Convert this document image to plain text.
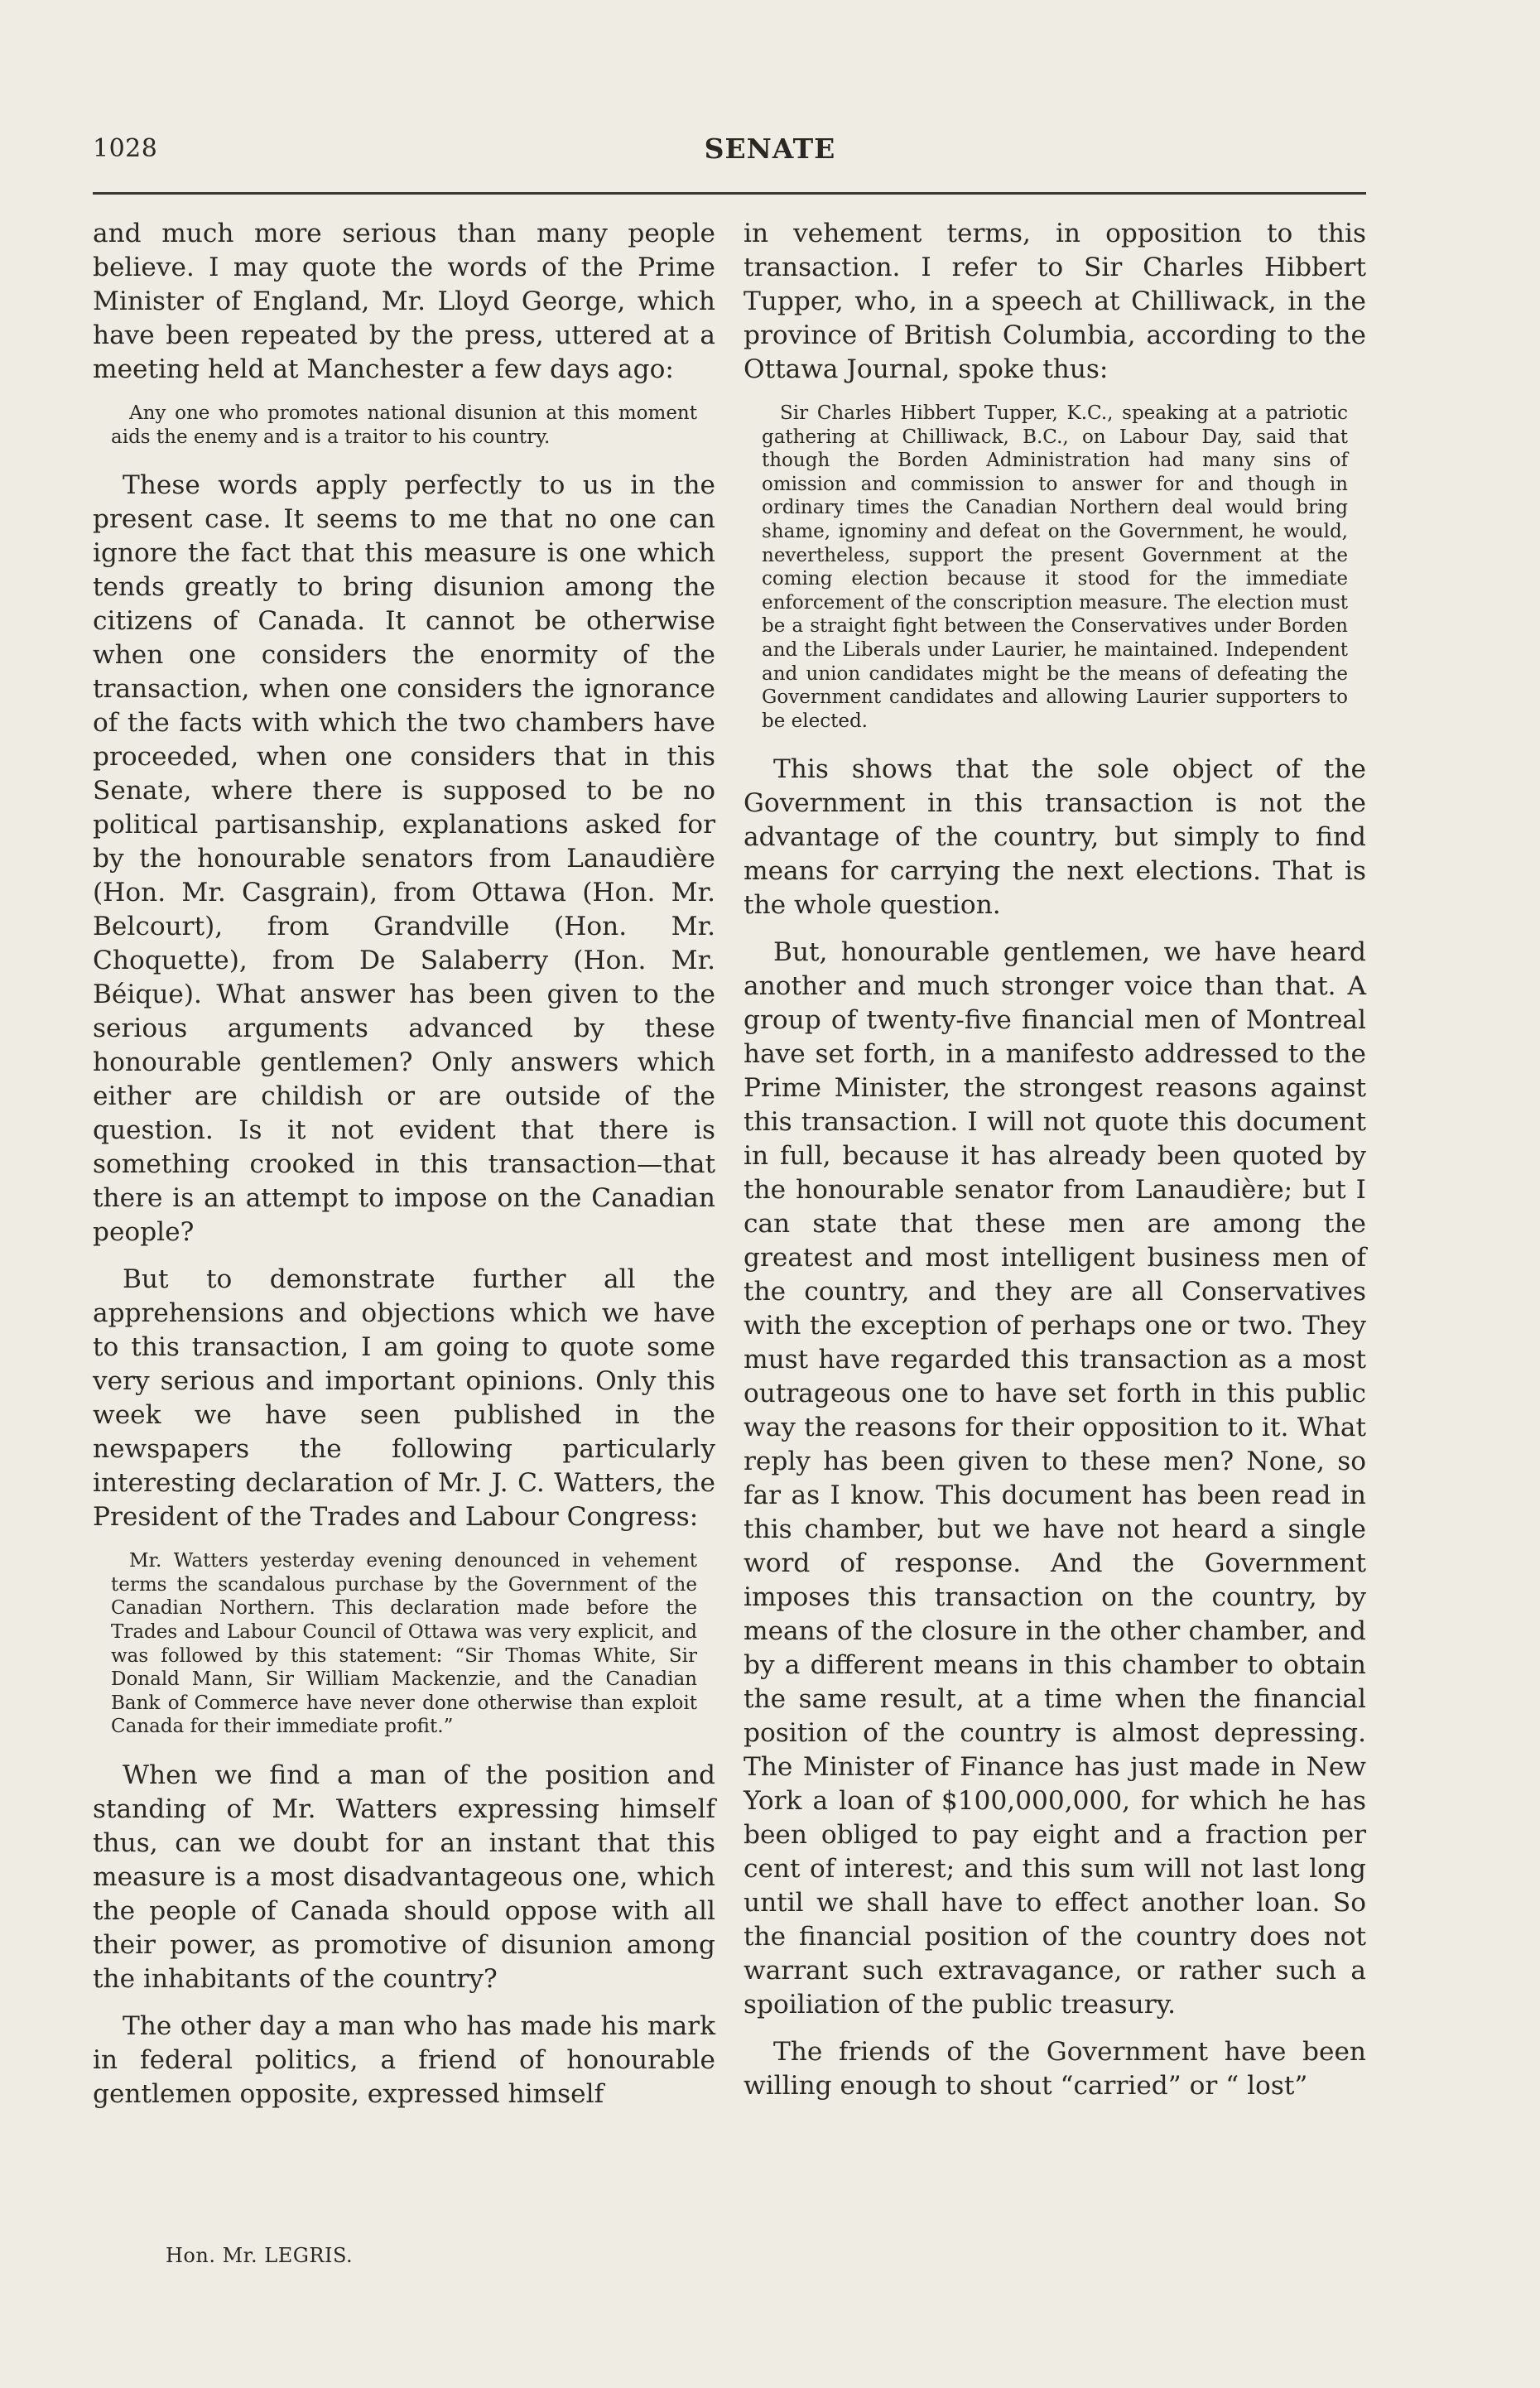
1028	SENATE

and much more serious than many people believe. I may quote the words of the Prime Minister of England, Mr. Lloyd George, which have been repeated by the press, uttered at a meeting held at Manchester a few days ago:

Any one who promotes national disunion at this moment aids the enemy and is a traitor to his country.

These words apply perfectly to us in the present case. It seems to me that no one can ignore the fact that this measure is one which tends greatly to bring disunion among the citizens of Canada. It cannot be otherwise when one considers the enormity of the transaction, when one considers the ignorance of the facts with which the two chambers have proceeded, when one considers that in this Senate, where there is supposed to be no political partisanship, explanations asked for by the honourable senators from Lanaudière (Hon. Mr. Casgrain), from Ottawa (Hon. Mr. Belcourt), from Grandville (Hon. Mr. Choquette), from De Salaberry (Hon. Mr. Béique). What answer has been given to the serious arguments advanced by these honourable gentlemen? Only answers which either are childish or are outside of the question. Is it not evident that there is something crooked in this transaction—that there is an attempt to impose on the Canadian people?

But to demonstrate further all the apprehensions and objections which we have to this transaction, I am going to quote some very serious and important opinions. Only this week we have seen published in the newspapers the following particularly interesting declaration of Mr. J. C. Watters, the President of the Trades and Labour Congress:

Mr. Watters yesterday evening denounced in vehement terms the scandalous purchase by the Government of the Canadian Northern. This declaration made before the Trades and Labour Council of Ottawa was very explicit, and was followed by this statement: “Sir Thomas White, Sir Donald Mann, Sir William Mackenzie, and the Canadian Bank of Commerce have never done otherwise than exploit Canada for their immediate profit.”

When we find a man of the position and standing of Mr. Watters expressing himself thus, can we doubt for an instant that this measure is a most disadvantageous one, which the people of Canada should oppose with all their power, as promotive of disunion among the inhabitants of the country?

The other day a man who has made his mark in federal politics, a friend of honourable gentlemen opposite, expressed himself

in vehement terms, in opposition to this transaction. I refer to Sir Charles Hibbert Tupper, who, in a speech at Chilliwack, in the province of British Columbia, according to the Ottawa Journal, spoke thus:

Sir Charles Hibbert Tupper, K.C., speaking at a patriotic gathering at Chilliwack, B.C., on Labour Day, said that though the Borden Administration had many sins of omission and commission to answer for and though in ordinary times the Canadian Northern deal would bring shame, ignominy and defeat on the Government, he would, nevertheless, support the present Government at the coming election because it stood for the immediate enforcement of the conscription measure. The election must be a straight fight between the Conservatives under Borden and the Liberals under Laurier, he maintained. Independent and union candidates might be the means of defeating the Government candidates and allowing Laurier supporters to be elected.

This shows that the sole object of the Government in this transaction is not the advantage of the country, but simply to find means for carrying the next elections. That is the whole question.

But, honourable gentlemen, we have heard another and much stronger voice than that. A group of twenty-five financial men of Montreal have set forth, in a manifesto addressed to the Prime Minister, the strongest reasons against this transaction. I will not quote this document in full, because it has already been quoted by the honourable senator from Lanaudière; but I can state that these men are among the greatest and most intelligent business men of the country, and they are all Conservatives with the exception of perhaps one or two. They must have regarded this transaction as a most outrageous one to have set forth in this public way the reasons for their opposition to it. What reply has been given to these men? None, so far as I know. This document has been read in this chamber, but we have not heard a single word of response. And the Government imposes this transaction on the country, by means of the closure in the other chamber, and by a different means in this chamber to obtain the same result, at a time when the financial position of the country is almost depressing. The Minister of Finance has just made in New York a loan of $100,000,000, for which he has been obliged to pay eight and a fraction per cent of interest; and this sum will not last long until we shall have to effect another loan. So the financial position of the country does not warrant such extravagance, or rather such a spoiliation of the public treasury.

The friends of the Government have been willing enough to shout “carried” or “ lost”

Hon. Mr. LEGRIS.
